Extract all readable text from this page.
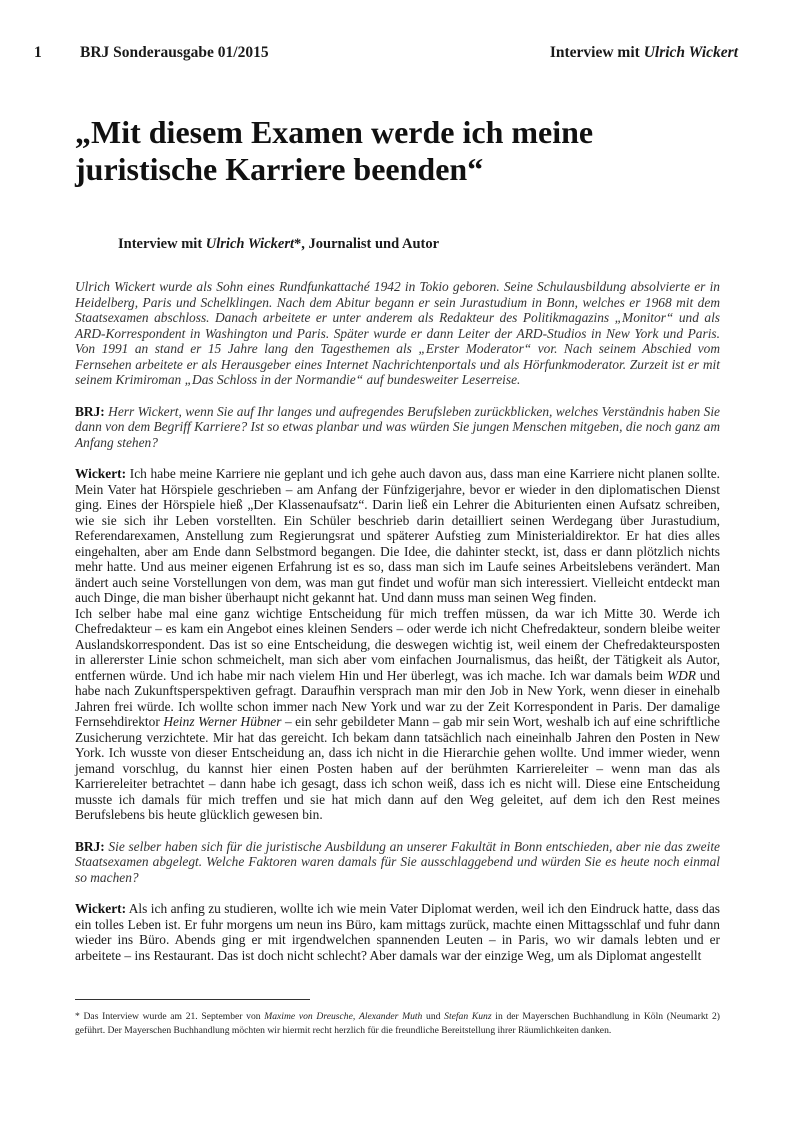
1 BRJ Sonderausgabe 01/2015	Interview mit Ulrich Wickert
„Mit diesem Examen werde ich meine juristische Karriere beenden“
Interview mit Ulrich Wickert*, Journalist und Autor

Ulrich Wickert wurde als Sohn eines Rundfunkattaché 1942 in Tokio geboren. Seine Schulausbildung absolvierte er in Heidelberg, Paris und Schelklingen. Nach dem Abitur begann er sein Jurastudium in Bonn, welches er 1968 mit dem Staatsexamen abschloss. Danach arbeitete er unter anderem als Redakteur des Politikmagazins „Monitor“ und als ARD-Korrespondent in Washington und Paris. Später wurde er dann Leiter der ARD-Studios in New York und Paris. Von 1991 an stand er 15 Jahre lang den Tagesthemen als „Erster Moderator“ vor. Nach seinem Abschied vom Fernsehen arbeitete er als Herausgeber eines Internet Nachrichtenportals und als Hörfunkmoderator. Zurzeit ist er mit seinem Krimiroman „Das Schloss in der Normandie“ auf bundesweiter Leserreise.

BRJ: Herr Wickert, wenn Sie auf Ihr langes und aufregendes Berufsleben zurückblicken, welches Verständnis haben Sie dann von dem Begriff Karriere? Ist so etwas planbar und was würden Sie jungen Menschen mitgeben, die noch ganz am Anfang stehen?

Wickert: Ich habe meine Karriere nie geplant und ich gehe auch davon aus, dass man eine Karriere nicht planen sollte. Mein Vater hat Hörspiele geschrieben – am Anfang der Fünfzigerjahre, bevor er wieder in den diplomatischen Dienst ging. Eines der Hörspiele hieß „Der Klassenaufsatz“. Darin ließ ein Lehrer die Abiturienten einen Aufsatz schreiben, wie sie sich ihr Leben vorstellten. Ein Schüler beschrieb darin detailliert seinen Werdegang über Jurastudium, Referendarexamen, Anstellung zum Regierungsrat und späterer Aufstieg zum Ministerialdirektor. Er hat dies alles eingehalten, aber am Ende dann Selbstmord begangen. Die Idee, die dahinter steckt, ist, dass er dann plötzlich nichts mehr hatte. Und aus meiner eigenen Erfahrung ist es so, dass man sich im Laufe seines Arbeitslebens verändert. Man ändert auch seine Vorstellungen von dem, was man gut findet und wofür man sich interessiert. Vielleicht entdeckt man auch Dinge, die man bisher überhaupt nicht gekannt hat. Und dann muss man seinen Weg finden.

Ich selber habe mal eine ganz wichtige Entscheidung für mich treffen müssen, da war ich Mitte 30. Werde ich Chefredakteur – es kam ein Angebot eines kleinen Senders – oder werde ich nicht Chefredakteur, sondern bleibe weiter Auslandskorrespondent. Das ist so eine Entscheidung, die deswegen wichtig ist, weil einem der Chefredakteursposten in allererster Linie schon schmeichelt, man sich aber vom einfachen Journalismus, das heißt, der Tätigkeit als Autor, entfernen würde. Und ich habe mir nach vielem Hin und Her überlegt, was ich mache. Ich war damals beim WDR und habe nach Zukunftsperspektiven gefragt. Daraufhin versprach man mir den Job in New York, wenn dieser in einehalb Jahren frei würde. Ich wollte schon immer nach New York und war zu der Zeit Korrespondent in Paris. Der damalige Fernsehdirektor Heinz Werner Hübner – ein sehr gebildeter Mann – gab mir sein Wort, weshalb ich auf eine schriftliche Zusicherung verzichtete. Mir hat das gereicht. Ich bekam dann tatsächlich nach eineinhalb Jahren den Posten in New York. Ich wusste von dieser Entscheidung an, dass ich nicht in die Hierarchie gehen wollte. Und immer wieder, wenn jemand vorschlug, du kannst hier einen Posten haben auf der berühmten Karriereleiter – wenn man das als Karriereleiter betrachtet – dann habe ich gesagt, dass ich schon weiß, dass ich es nicht will. Diese eine Entscheidung musste ich damals für mich treffen und sie hat mich dann auf den Weg geleitet, auf dem ich den Rest meines Berufslebens bis heute glücklich gewesen bin.

BRJ: Sie selber haben sich für die juristische Ausbildung an unserer Fakultät in Bonn entschieden, aber nie das zweite Staatsexamen abgelegt. Welche Faktoren waren damals für Sie ausschlaggebend und würden Sie es heute noch einmal so machen?

Wickert: Als ich anfing zu studieren, wollte ich wie mein Vater Diplomat werden, weil ich den Eindruck hatte, dass das ein tolles Leben ist. Er fuhr morgens um neun ins Büro, kam mittags zurück, machte einen Mittagsschlaf und fuhr dann wieder ins Büro. Abends ging er mit irgendwelchen spannenden Leuten – in Paris, wo wir damals lebten und er arbeitete – ins Restaurant. Das ist doch nicht schlecht? Aber damals war der einzige Weg, um als Diplomat angestellt

* Das Interview wurde am 21. September von Maxime von Dreusche, Alexander Muth und Stefan Kunz in der Mayerschen Buchhandlung in Köln (Neumarkt 2) geführt. Der Mayerschen Buchhandlung möchten wir hiermit recht herzlich für die freundliche Bereitstellung ihrer Räumlichkeiten danken.
